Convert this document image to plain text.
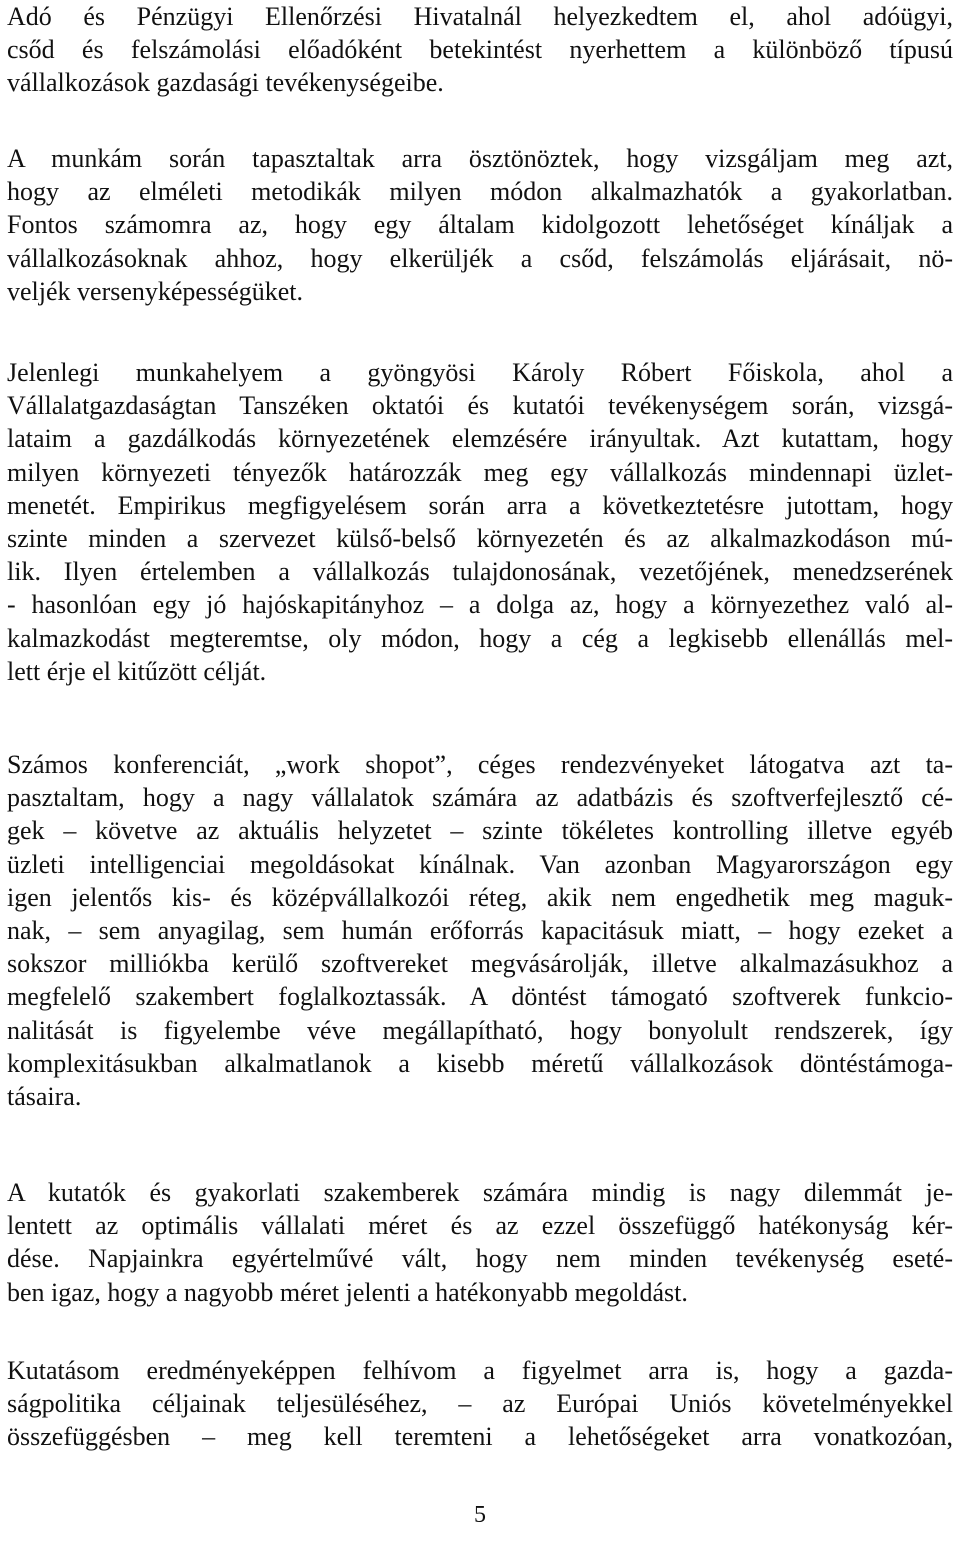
Adó és Pénzügyi Ellenőrzési Hivatalnál helyezkedtem el, ahol adóügyi,
csőd és felszámolási előadóként betekintést nyerhettem a különböző típusú
vállalkozások gazdasági tevékenységeibe.
A munkám során tapasztaltak arra ösztönöztek, hogy vizsgáljam meg azt,
hogy az elméleti metodikák milyen módon alkalmazhatók a gyakorlatban.
Fontos számomra az, hogy egy általam kidolgozott lehetőséget kínáljak a
vállalkozásoknak ahhoz, hogy elkerüljék a csőd, felszámolás eljárásait, nö-
veljék versenyképességüket.
Jelenlegi munkahelyem a gyöngyösi Károly Róbert Főiskola, ahol a
Vállalatgazdaságtan Tanszéken oktatói és kutatói tevékenységem során, vizsgá-
lataim a gazdálkodás környezetének elemzésére irányultak. Azt kutattam, hogy
milyen környezeti tényezők határozzák meg egy vállalkozás mindennapi üzlet-
menetét. Empirikus megfigyelésem során arra a következtetésre jutottam, hogy
szinte minden a szervezet külső-belső környezetén és az alkalmazkodáson mú-
lik. Ilyen értelemben a vállalkozás tulajdonosának, vezetőjének, menedzserének
- hasonlóan egy jó hajóskapitányhoz – a dolga az, hogy a környezethez való al-
kalmazkodást megteremtse, oly módon, hogy a cég a legkisebb ellenállás mel-
lett érje el kitűzött célját.
Számos konferenciát, „work shopot”, céges rendezvényeket látogatva azt ta-
pasztaltam, hogy a nagy vállalatok számára az adatbázis és szoftverfejlesztő cé-
gek – követve az aktuális helyzetet – szinte tökéletes kontrolling illetve egyéb
üzleti intelligenciai megoldásokat kínálnak. Van azonban Magyarországon egy
igen jelentős kis- és középvállalkozói réteg, akik nem engedhetik meg maguk-
nak, – sem anyagilag, sem humán erőforrás kapacitásuk miatt, – hogy ezeket a
sokszor milliókba kerülő szoftvereket megvásárolják, illetve alkalmazásukhoz a
megfelelő szakembert foglalkoztassák. A döntést támogató szoftverek funkcio-
nalitását is figyelembe véve megállapítható, hogy bonyolult rendszerek, így
komplexitásukban alkalmatlanok a kisebb méretű vállalkozások döntéstámoga-
tásaira.
A kutatók és gyakorlati szakemberek számára mindig is nagy dilemmát je-
lentett az optimális vállalati méret és az ezzel összefüggő hatékonyság kér-
dése. Napjainkra egyértelművé vált, hogy nem minden tevékenység eseté-
ben igaz, hogy a nagyobb méret jelenti a hatékonyabb megoldást.
Kutatásom eredményeképpen felhívom a figyelmet arra is, hogy a gazda-
ságpolitika céljainak teljesüléséhez, – az Európai Uniós követelményekkel
összefüggésben – meg kell teremteni a lehetőségeket arra vonatkozóan,
5
